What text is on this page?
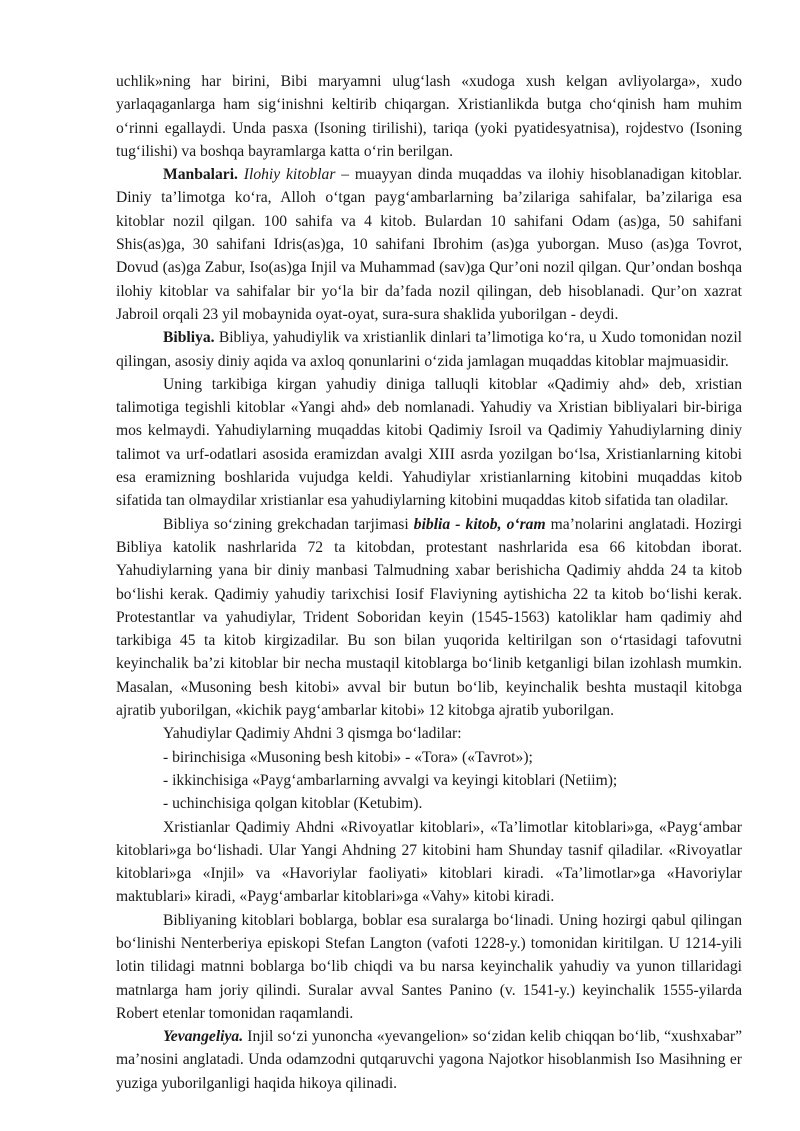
uchlik»ning har birini, Bibi maryamni ulug‘lash «xudoga xush kelgan avliyolarga», xudo yarlaqaganlarga ham sig‘inishni keltirib chiqargan. Xristianlikda butga cho‘qinish ham muhim o‘rinni egallaydi. Unda pasxa (Isoning tirilishi), tariqa (yoki pyatidesyatnisa), rojdestvo (Isoning tug‘ilishi) va boshqa bayramlarga katta o‘rin berilgan.

Manbalari. Ilohiy kitoblar – muayyan dinda muqaddas va ilohiy hisoblanadigan kitoblar. Diniy ta’limotga ko‘ra, Alloh o‘tgan payg‘ambarlarning ba’zilariga sahifalar, ba’zilariga esa kitoblar nozil qilgan. 100 sahifa va 4 kitob. Bulardan 10 sahifani Odam (as)ga, 50 sahifani Shis(as)ga, 30 sahifani Idris(as)ga, 10 sahifani Ibrohim (as)ga yuborgan. Muso (as)ga Tovrot, Dovud (as)ga Zabur, Iso(as)ga Injil va Muhammad (sav)ga Qur’oni nozil qilgan. Qur’ondan boshqa ilohiy kitoblar va sahifalar bir yo‘la bir da’fada nozil qilingan, deb hisoblanadi. Qur’on xazrat Jabroil orqali 23 yil mobaynida oyat-oyat, sura-sura shaklida yuborilgan - deydi.

Bibliya. Bibliya, yahudiylik va xristianlik dinlari ta’limotiga ko‘ra, u Xudo tomonidan nozil qilingan, asosiy diniy aqida va axloq qonunlarini o‘zida jamlagan muqaddas kitoblar majmuasidir.

Uning tarkibiga kirgan yahudiy diniga talluqli kitoblar «Qadimiy ahd» deb, xristian talimotiga tegishli kitoblar «Yangi ahd» deb nomlanadi. Yahudiy va Xristian bibliyalari bir-biriga mos kelmaydi. Yahudiylarning muqaddas kitobi Qadimiy Isroil va Qadimiy Yahudiylarning diniy talimot va urf-odatlari asosida eramizdan avalgi XIII asrda yozilgan bo‘lsa, Xristianlarning kitobi esa eramizning boshlarida vujudga keldi. Yahudiylar xristianlarning kitobini muqaddas kitob sifatida tan olmaydilar xristianlar esa yahudiylarning kitobini muqaddas kitob sifatida tan oladilar.

Bibliya so‘zining grekchadan tarjimasi biblia - kitob, o‘ram ma’nolarini anglatadi. Hozirgi Bibliya katolik nashrlarida 72 ta kitobdan, protestant nashrlarida esa 66 kitobdan iborat. Yahudiylarning yana bir diniy manbasi Talmudning xabar berishicha Qadimiy ahdda 24 ta kitob bo‘lishi kerak. Qadimiy yahudiy tarixchisi Iosif Flaviyning aytishicha 22 ta kitob bo‘lishi kerak. Protestantlar va yahudiylar, Trident Soboridan keyin (1545-1563) katoliklar ham qadimiy ahd tarkibiga 45 ta kitob kirgizadilar. Bu son bilan yuqorida keltirilgan son o‘rtasidagi tafovutni keyinchalik ba’zi kitoblar bir necha mustaqil kitoblarga bo‘linib ketganligi bilan izohlash mumkin. Masalan, «Musoning besh kitobi» avval bir butun bo‘lib, keyinchalik beshta mustaqil kitobga ajratib yuborilgan, «kichik payg‘ambarlar kitobi» 12 kitobga ajratib yuborilgan.

Yahudiylar Qadimiy Ahdni 3 qismga bo‘ladilar:

- birinchisiga «Musoning besh kitobi» - «Tora» («Tavrot»);

- ikkinchisiga «Payg‘ambarlarning avvalgi va keyingi kitoblari (Netiim);

- uchinchisiga qolgan kitoblar (Ketubim).

Xristianlar Qadimiy Ahdni «Rivoyatlar kitoblari», «Ta’limotlar kitoblari»ga, «Payg‘ambar kitoblari»ga bo‘lishadi. Ular Yangi Ahdning 27 kitobini ham Shunday tasnif qiladilar. «Rivoyatlar kitoblari»ga «Injil» va «Havoriylar faoliyati» kitoblari kiradi. «Ta’limotlar»ga «Havoriylar maktublari» kiradi, «Payg‘ambarlar kitoblari»ga «Vahy» kitobi kiradi.

Bibliyaning kitoblari boblarga, boblar esa suralarga bo‘linadi. Uning hozirgi qabul qilingan bo‘linishi Nenterberiya episkopi Stefan Langton (vafoti 1228-y.) tomonidan kiritilgan. U 1214-yili lotin tilidagi matnni boblarga bo‘lib chiqdi va bu narsa keyinchalik yahudiy va yunon tillaridagi matnlarga ham joriy qilindi. Suralar avval Santes Panino (v. 1541-y.) keyinchalik 1555-yilarda Robert etenlar tomonidan raqamlandi.

Yevangeliya. Injil so‘zi yunoncha «yevangelion» so‘zidan kelib chiqqan bo‘lib, “xushxabar” ma’nosini anglatadi. Unda odamzodni qutqaruvchi yagona Najotkor hisoblanmish Iso Masihning er yuziga yuborilganligi haqida hikoya qilinadi.
